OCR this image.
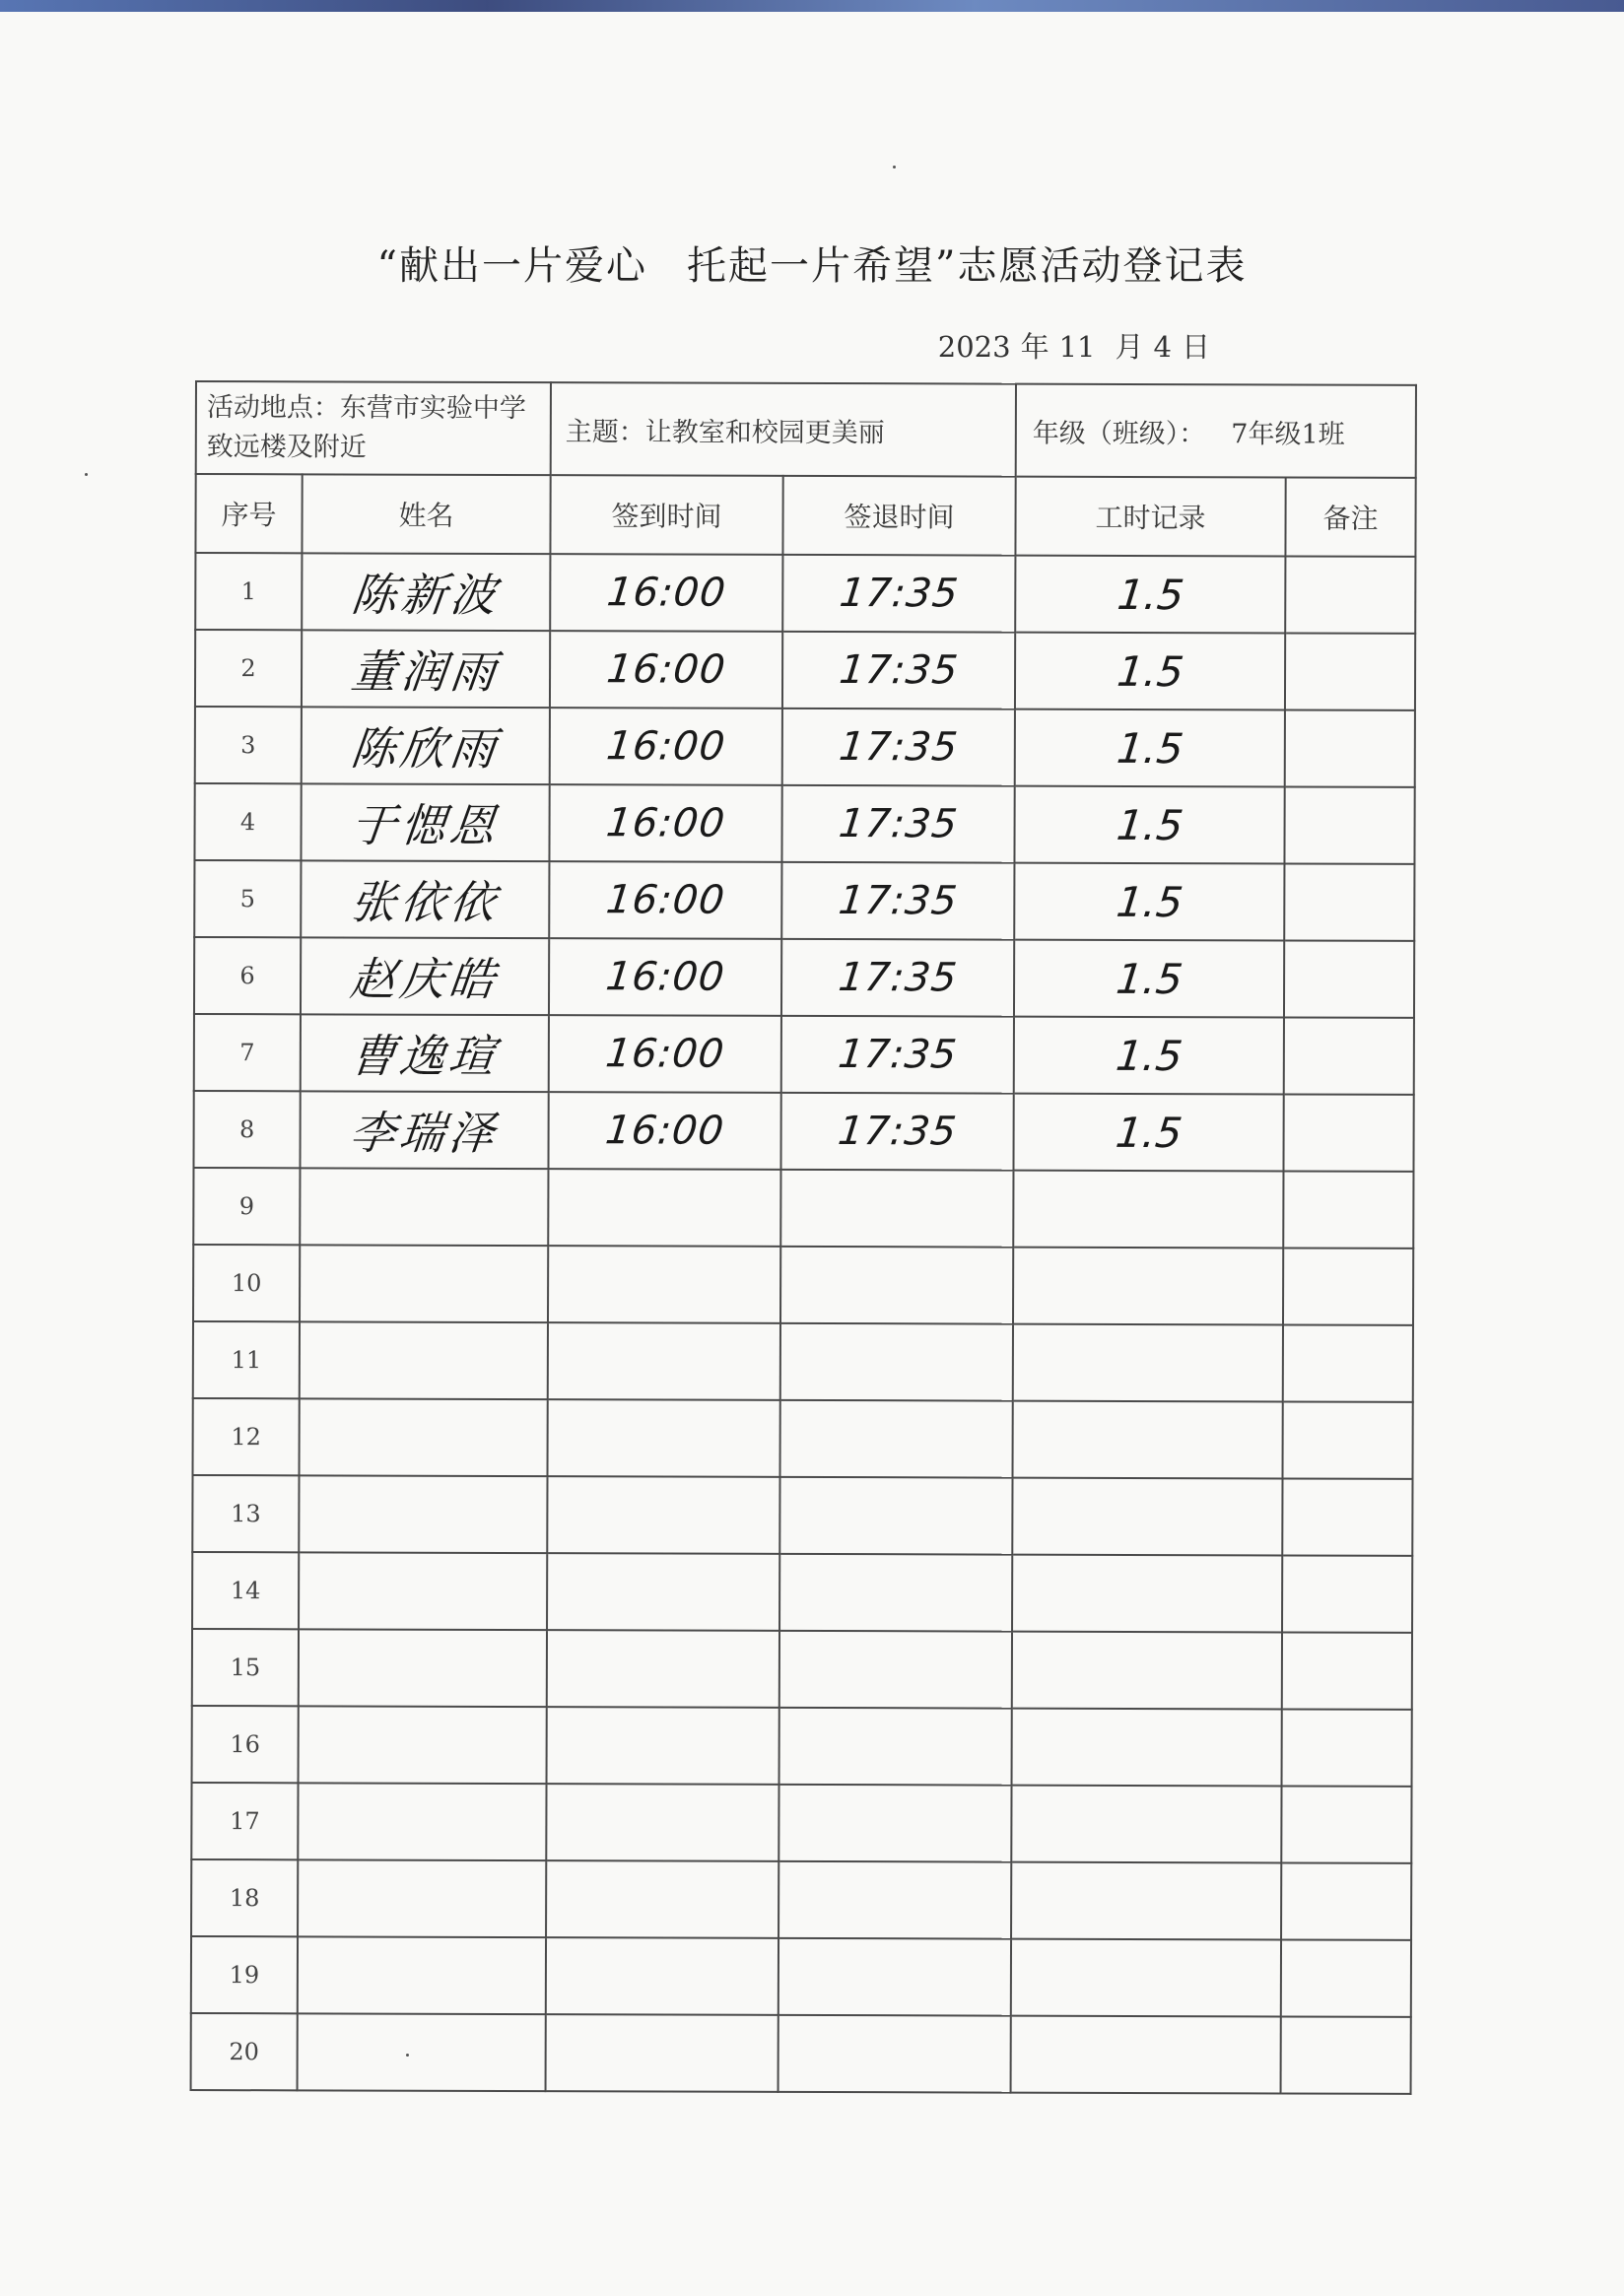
“献出一片爱心 托起一片希望”志愿活动登记表
2023 年 11 月 4 日
活动地点：东营市实验中学致远楼及附近		主题：让教室和校园更美丽		年级（班级）： 7年级1班	
序号	姓名	签到时间	签退时间	工时记录	备注
1	陈新波	16:00	17:35	1.5	
2	董润雨	16:00	17:35	1.5	
3	陈欣雨	16:00	17:35	1.5	
4	于愢恩	16:00	17:35	1.5	
5	张依依	16:00	17:35	1.5	
6	赵庆皓	16:00	17:35	1.5	
7	曹逸瑄	16:00	17:35	1.5	
8	李瑞泽	16:00	17:35	1.5	
9					
10					
11					
12					
13					
14					
15					
16					
17					
18					
19					
20					
